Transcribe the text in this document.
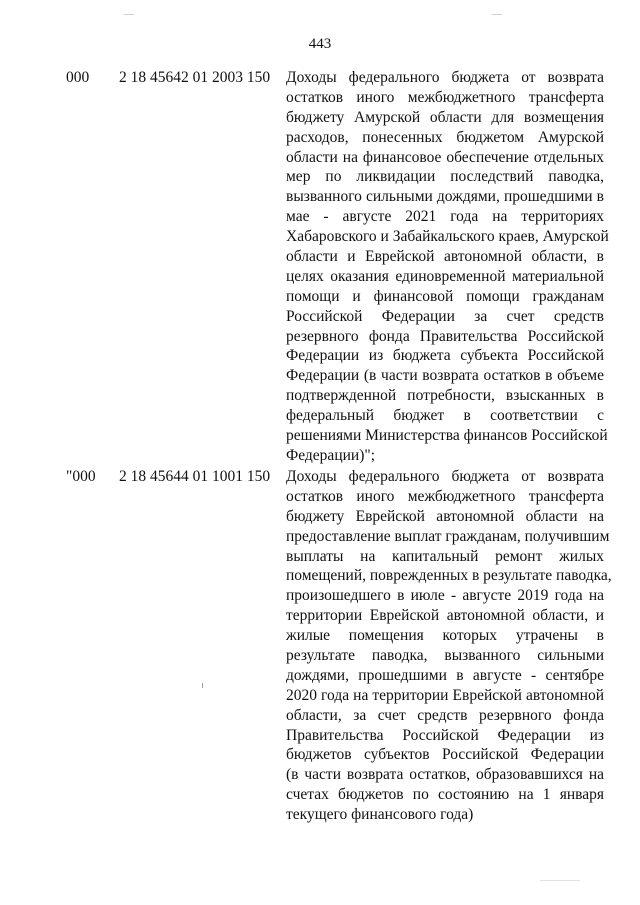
443
000 2 18 45642 01 2003 150 Доходы федерального бюджета от возврата
остатков иного межбюджетного трансферта
бюджету Амурской области для возмещения
расходов, понесенных бюджетом Амурской
области на финансовое обеспечение отдельных
мер по ликвидации последствий паводка,
вызванного сильными дождями, прошедшими в
мае - августе 2021 года на территориях
Хабаровского и Забайкальского краев, Амурской
области и Еврейской автономной области, в
целях оказания единовременной материальной
помощи и финансовой помощи гражданам
Российской Федерации за счет средств
резервного фонда Правительства Российской
Федерации из бюджета субъекта Российской
Федерации (в части возврата остатков в объеме
подтвержденной потребности, взысканных в
федеральный бюджет в соответствии с
решениями Министерства финансов Российской
Федерации)";
"000 2 18 45644 01 1001 150 Доходы федерального бюджета от возврата
остатков иного межбюджетного трансферта
бюджету Еврейской автономной области на
предоставление выплат гражданам, получившим
выплаты на капитальный ремонт жилых
помещений, поврежденных в результате паводка,
произошедшего в июле - августе 2019 года на
территории Еврейской автономной области, и
жилые помещения которых утрачены в
результате паводка, вызванного сильными
дождями, прошедшими в августе - сентябре
2020 года на территории Еврейской автономной
области, за счет средств резервного фонда
Правительства Российской Федерации из
бюджетов субъектов Российской Федерации
(в части возврата остатков, образовавшихся на
счетах бюджетов по состоянию на 1 января
текущего финансового года)
